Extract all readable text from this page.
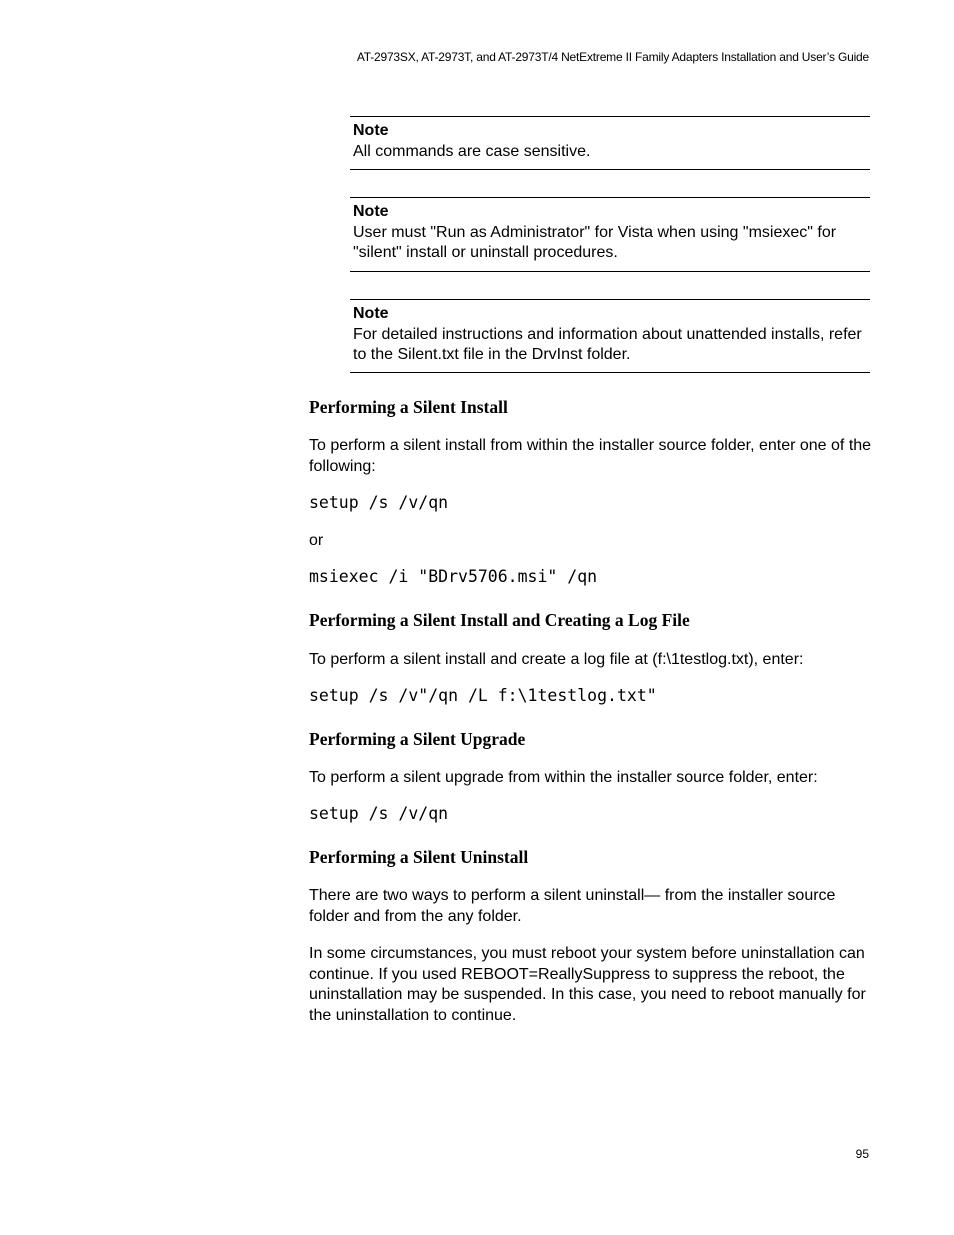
AT-2973SX, AT-2973T, and AT-2973T/4 NetExtreme II Family Adapters Installation and User’s Guide
Note
All commands are case sensitive.
Note
User must "Run as Administrator" for Vista when using "msiexec" for "silent" install or uninstall procedures.
Note
For detailed instructions and information about unattended installs, refer to the Silent.txt file in the DrvInst folder.
Performing a Silent Install
To perform a silent install from within the installer source folder, enter one of the following:
setup /s /v/qn
or
msiexec /i "BDrv5706.msi" /qn
Performing a Silent Install and Creating a Log File
To perform a silent install and create a log file at (f:\1testlog.txt), enter:
setup /s /v"/qn /L f:\1testlog.txt"
Performing a Silent Upgrade
To perform a silent upgrade from within the installer source folder, enter:
setup /s /v/qn
Performing a Silent Uninstall
There are two ways to perform a silent uninstall— from the installer source folder and from the any folder.
In some circumstances, you must reboot your system before uninstallation can continue. If you used REBOOT=ReallySuppress to suppress the reboot, the uninstallation may be suspended. In this case, you need to reboot manually for the uninstallation to continue.
95
